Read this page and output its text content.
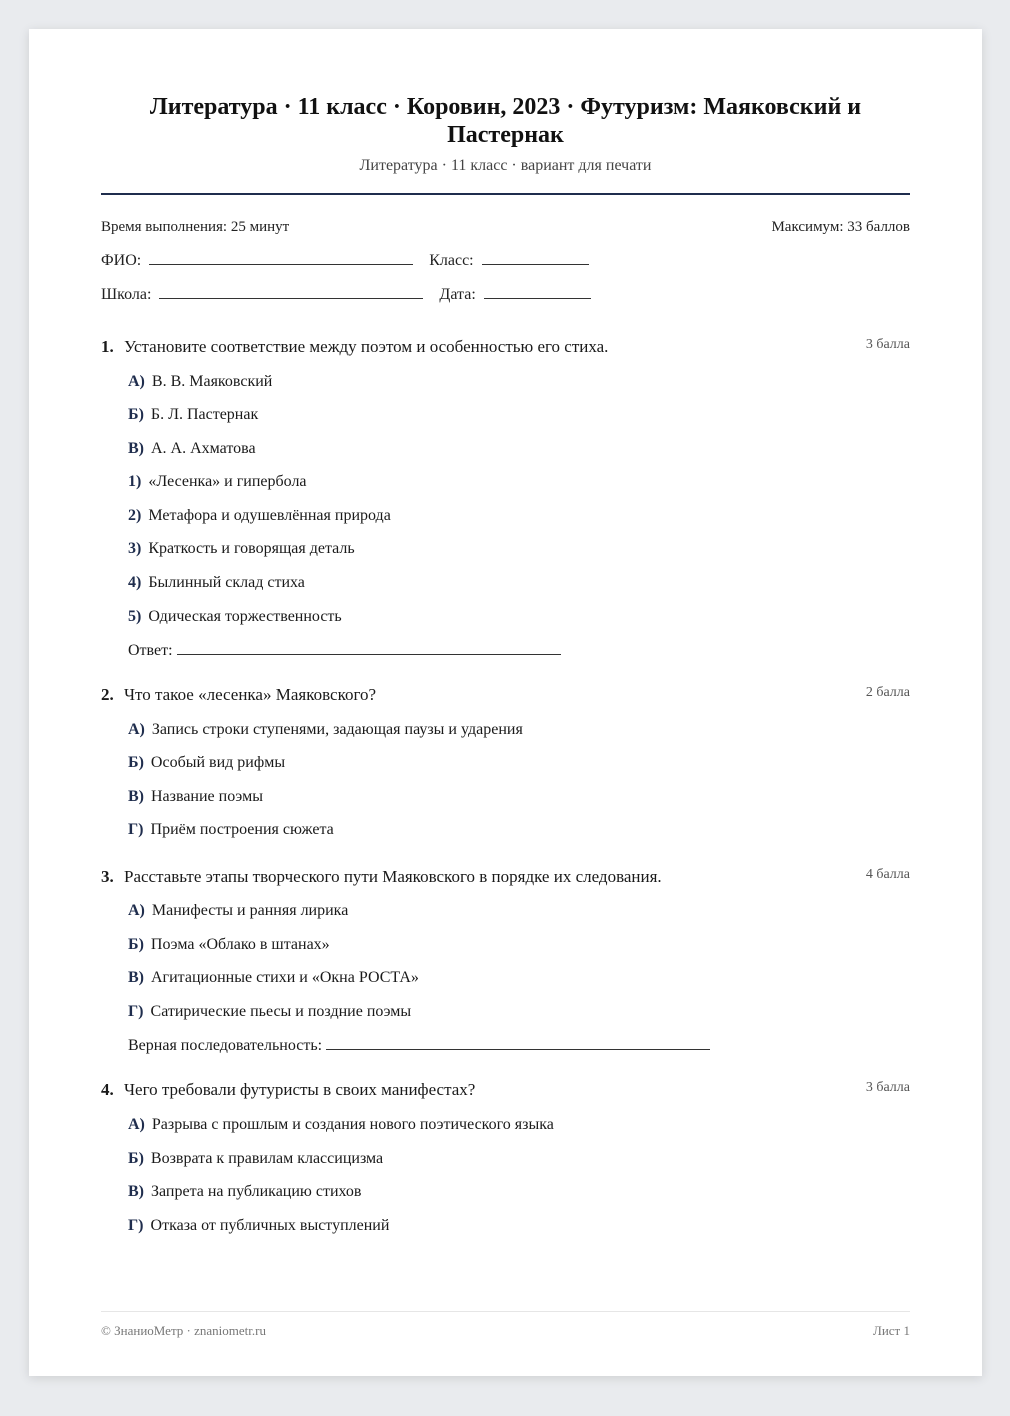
Литература · 11 класс · Коровин, 2023 · Футуризм: Маяковский и Пастернак
Литература · 11 класс · вариант для печати
Время выполнения: 25 минут	Максимум: 33 баллов
ФИО:	Класс:
Школа:	Дата:
1. Установите соответствие между поэтом и особенностью его стиха.	3 балла
А) В. В. Маяковский
Б) Б. Л. Пастернак
В) А. А. Ахматова
1) «Лесенка» и гипербола
2) Метафора и одушевлённая природа
3) Краткость и говорящая деталь
4) Былинный склад стиха
5) Одическая торжественность
Ответ:
2. Что такое «лесенка» Маяковского?	2 балла
А) Запись строки ступенями, задающая паузы и ударения
Б) Особый вид рифмы
В) Название поэмы
Г) Приём построения сюжета
3. Расставьте этапы творческого пути Маяковского в порядке их следования.	4 балла
А) Манифесты и ранняя лирика
Б) Поэма «Облако в штанах»
В) Агитационные стихи и «Окна РОСТА»
Г) Сатирические пьесы и поздние поэмы
Верная последовательность:
4. Чего требовали футуристы в своих манифестах?	3 балла
А) Разрыва с прошлым и создания нового поэтического языка
Б) Возврата к правилам классицизма
В) Запрета на публикацию стихов
Г) Отказа от публичных выступлений
© ЗнаниоМетр · znaniometr.ru	Лист 1
